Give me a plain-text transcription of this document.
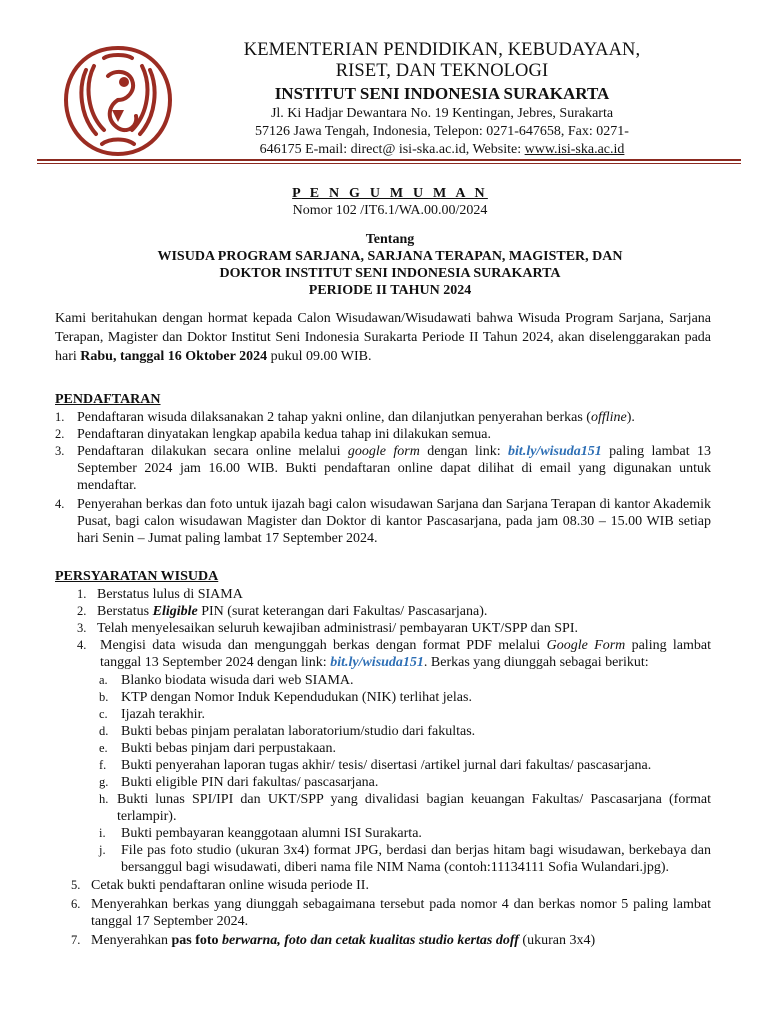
KEMENTERIAN PENDIDIKAN, KEBUDAYAAN,
RISET, DAN TEKNOLOGI
INSTITUT SENI INDONESIA SURAKARTA
Jl. Ki Hadjar Dewantara No. 19 Kentingan, Jebres, Surakarta
57126 Jawa Tengah, Indonesia, Telepon: 0271-647658, Fax: 0271-
646175 E-mail: direct@ isi-ska.ac.id, Website: www.isi-ska.ac.id
P E N G U M U M A N
Nomor 102 /IT6.1/WA.00.00/2024
Tentang
WISUDA PROGRAM SARJANA, SARJANA TERAPAN, MAGISTER, DAN
DOKTOR INSTITUT SENI INDONESIA SURAKARTA
PERIODE II TAHUN 2024
Kami beritahukan dengan hormat kepada Calon Wisudawan/Wisudawati bahwa Wisuda Program Sarjana, Sarjana Terapan, Magister dan Doktor Institut Seni Indonesia Surakarta Periode II Tahun 2024, akan diselenggarakan pada hari Rabu, tanggal 16 Oktober 2024 pukul 09.00 WIB.
PENDAFTARAN
1. Pendaftaran wisuda dilaksanakan 2 tahap yakni online, dan dilanjutkan penyerahan berkas (offline).
2. Pendaftaran dinyatakan lengkap apabila kedua tahap ini dilakukan semua.
3. Pendaftaran dilakukan secara online melalui google form dengan link: bit.ly/wisuda151 paling lambat 13 September 2024 jam 16.00 WIB. Bukti pendaftaran online dapat dilihat di email yang digunakan untuk mendaftar.
4. Penyerahan berkas dan foto untuk ijazah bagi calon wisudawan Sarjana dan Sarjana Terapan di kantor Akademik Pusat, bagi calon wisudawan Magister dan Doktor di kantor Pascasarjana, pada jam 08.30 – 15.00 WIB setiap hari Senin – Jumat paling lambat 17 September 2024.
PERSYARATAN WISUDA
1. Berstatus lulus di SIAMA
2. Berstatus Eligible PIN (surat keterangan dari Fakultas/ Pascasarjana).
3. Telah menyelesaikan seluruh kewajiban administrasi/ pembayaran UKT/SPP dan SPI.
4. Mengisi data wisuda dan mengunggah berkas dengan format PDF melalui Google Form paling lambat tanggal 13 September 2024 dengan link: bit.ly/wisuda151. Berkas yang diunggah sebagai berikut:
a. Blanko biodata wisuda dari web SIAMA.
b. KTP dengan Nomor Induk Kependudukan (NIK) terlihat jelas.
c. Ijazah terakhir.
d. Bukti bebas pinjam peralatan laboratorium/studio dari fakultas.
e. Bukti bebas pinjam dari perpustakaan.
f. Bukti penyerahan laporan tugas akhir/ tesis/ disertasi /artikel jurnal dari fakultas/ pascasarjana.
g. Bukti eligible PIN dari fakultas/ pascasarjana.
h. Bukti lunas SPI/IPI dan UKT/SPP yang divalidasi bagian keuangan Fakultas/ Pascasarjana (format terlampir).
i. Bukti pembayaran keanggotaan alumni ISI Surakarta.
j. File pas foto studio (ukuran 3x4) format JPG, berdasi dan berjas hitam bagi wisudawan, berkebaya dan bersanggul bagi wisudawati, diberi nama file NIM Nama (contoh:11134111 Sofia Wulandari.jpg).
5. Cetak bukti pendaftaran online wisuda periode II.
6. Menyerahkan berkas yang diunggah sebagaimana tersebut pada nomor 4 dan berkas nomor 5 paling lambat tanggal 17 September 2024.
7. Menyerahkan pas foto berwarna, foto dan cetak kualitas studio kertas doff (ukuran 3x4)
